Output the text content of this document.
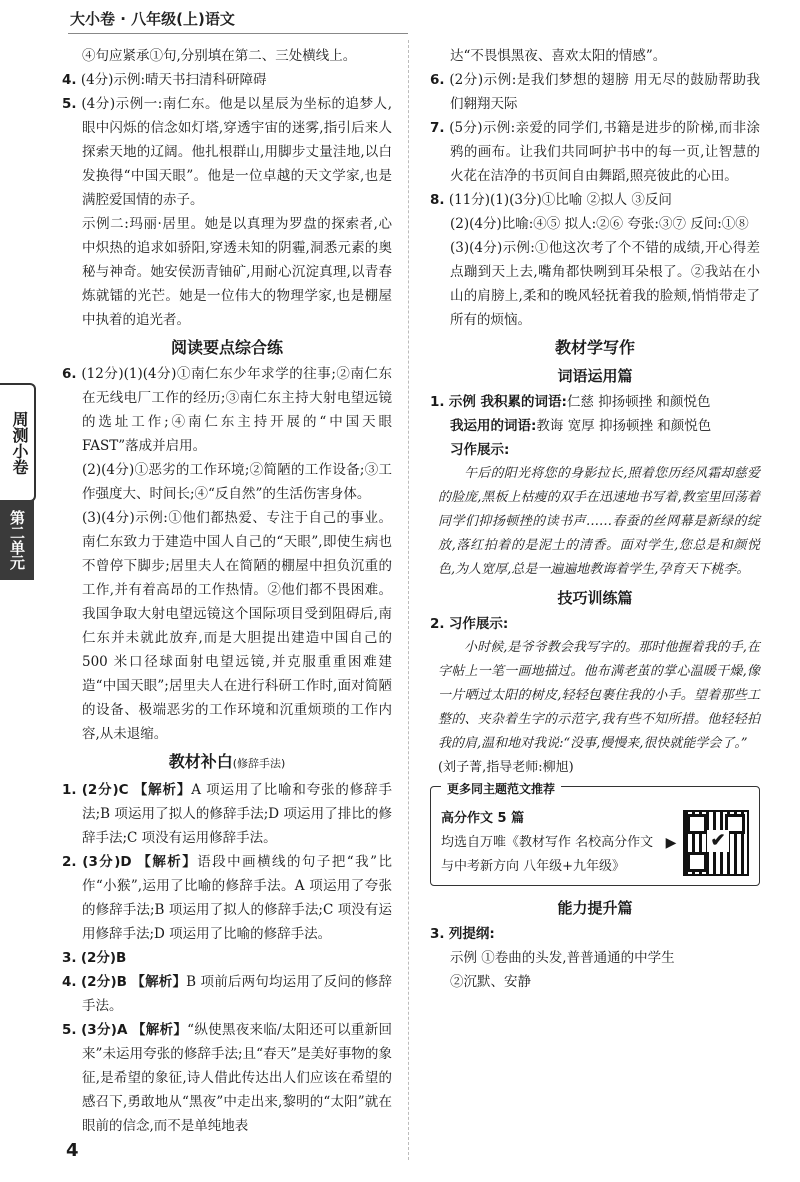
大小卷 · 八年级(上)语文
周测小卷
第二单元

④句应紧承①句,分别填在第二、三处横线上。

4. (4分)示例:晴天书扫清科研障碍

5. (4分)示例一:南仁东。他是以星辰为坐标的追梦人,眼中闪烁的信念如灯塔,穿透宇宙的迷雾,指引后来人探索天地的辽阔。他扎根群山,用脚步丈量洼地,以白发换得“中国天眼”。他是一位卓越的天文学家,也是满腔爱国情的赤子。

示例二:玛丽·居里。她是以真理为罗盘的探索者,心中炽热的追求如骄阳,穿透未知的阴霾,洞悉元素的奥秘与神奇。她安侯沥青铀矿,用耐心沉淀真理,以青春炼就镭的光芒。她是一位伟大的物理学家,也是棚屋中执着的追光者。

阅读要点综合练

6. (12分)(1)(4分)①南仁东少年求学的往事;②南仁东在无线电厂工作的经历;③南仁东主持大射电望远镜的选址工作;④南仁东主持开展的“中国天眼 FAST”落成并启用。

(2)(4分)①恶劣的工作环境;②简陋的工作设备;③工作强度大、时间长;④“反自然”的生活伤害身体。

(3)(4分)示例:①他们都热爱、专注于自己的事业。南仁东致力于建造中国人自己的“天眼”,即使生病也不曾停下脚步;居里夫人在简陋的棚屋中担负沉重的工作,并有着高昂的工作热情。②他们都不畏困难。我国争取大射电望远镜这个国际项目受到阻碍后,南仁东并未就此放弃,而是大胆提出建造中国自己的 500 米口径球面射电望远镜,并克服重重困难建造“中国天眼”;居里夫人在进行科研工作时,面对简陋的设备、极端恶劣的工作环境和沉重烦琐的工作内容,从未退缩。

教材补白(修辞手法)

1. (2分)C 【解析】A 项运用了比喻和夸张的修辞手法;B 项运用了拟人的修辞手法;D 项运用了排比的修辞手法;C 项没有运用修辞手法。

2. (3分)D 【解析】语段中画横线的句子把“我”比作“小猴”,运用了比喻的修辞手法。A 项运用了夸张的修辞手法;B 项运用了拟人的修辞手法;C 项没有运用修辞手法;D 项运用了比喻的修辞手法。

3. (2分)B

4. (2分)B 【解析】B 项前后两句均运用了反问的修辞手法。

5. (3分)A 【解析】“纵使黑夜来临/太阳还可以重新回来”未运用夸张的修辞手法;且“春天”是美好事物的象征,是希望的象征,诗人借此传达出人们应该在希望的感召下,勇敢地从“黑夜”中走出来,黎明的“太阳”就在眼前的信念,而不是单纯地表

达“不畏惧黑夜、喜欢太阳的情感”。

6. (2分)示例:是我们梦想的翅膀 用无尽的鼓励帮助我们翱翔天际

7. (5分)示例:亲爱的同学们,书籍是进步的阶梯,而非涂鸦的画布。让我们共同呵护书中的每一页,让智慧的火花在洁净的书页间自由舞蹈,照亮彼此的心田。

8. (11分)(1)(3分)①比喻 ②拟人 ③反问

(2)(4分)比喻:④⑤ 拟人:②⑥ 夸张:③⑦ 反问:①⑧

(3)(4分)示例:①他这次考了个不错的成绩,开心得差点蹦到天上去,嘴角都快咧到耳朵根了。②我站在小山的肩膀上,柔和的晚风轻抚着我的脸颊,悄悄带走了所有的烦恼。

教材学写作
词语运用篇

1. 示例 我积累的词语:仁慈 抑扬顿挫 和颜悦色

我运用的词语:教诲 宽厚 抑扬顿挫 和颜悦色

习作展示:

午后的阳光将您的身影拉长,照着您历经风霜却慈爱的脸庞,黑板上枯瘦的双手在迅速地书写着,教室里回荡着同学们抑扬顿挫的读书声……春蚕的丝网幕是新绿的绽放,落红拍着的是泥土的清香。面对学生,您总是和颜悦色,为人宽厚,总是一遍遍地教诲着学生,孕育天下桃李。

技巧训练篇

2. 习作展示:

小时候,是爷爷教会我写字的。那时他握着我的手,在字帖上一笔一画地描过。他布满老茧的掌心温暖干燥,像一片晒过太阳的树皮,轻轻包裹住我的小手。望着那些工整的、夹杂着生字的示范字,我有些不知所措。他轻轻拍我的肩,温和地对我说:“没事,慢慢来,很快就能学会了。”

(刘子菁,指导老师:柳旭)

更多同主题范文推荐
高分作文 5 篇
均选自万唯《教材写作 名校高分作文与中考新方向 八年级+九年级》
▶ ✔
能力提升篇

3. 列提纲:

示例 ①卷曲的头发,普普通通的中学生

②沉默、安静

4
